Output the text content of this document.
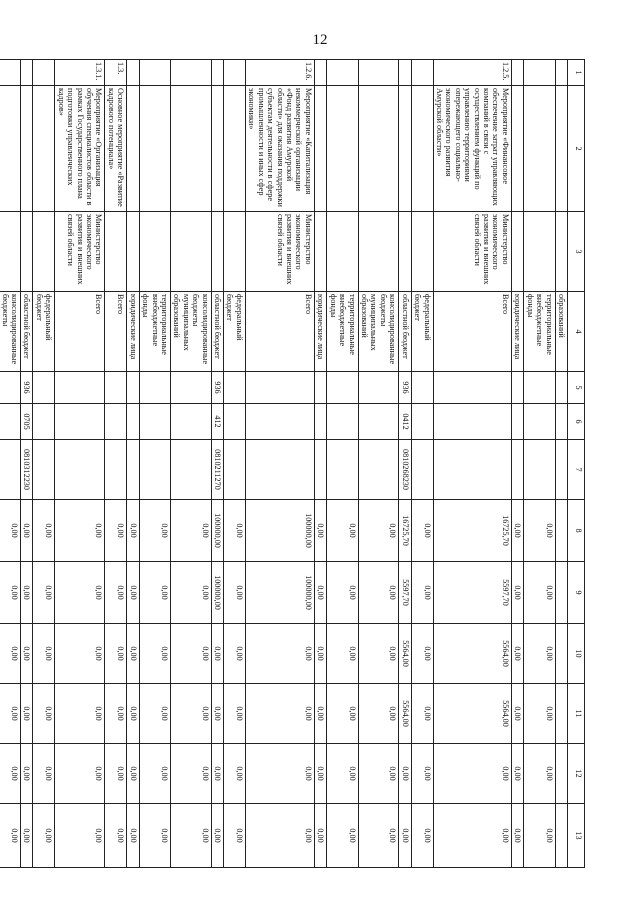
12
1	2	3	4	5	6	7	8	9	10	11	12	13
			образований									
			территориальные внебюджетные фонды				0,00	0,00	0,00	0,00	0,00	0,00
			юридические лица				0,00	0,00	0,00	0,00	0,00	0,00
1.2.5.	Мероприятие «Финансовое обеспечение затрат управляющих компаний в связи с осуществлением функций по управлению территориями опережающего социально-экономического развития Амурской области»	Министерство экономического развития и внешних связей области	Всего				16725,70	5597,70	5564,00	5564,00	0,00	0,00
			федеральный бюджет				0,00	0,00	0,00	0,00	0,00	0,00
			областной бюджет	936	0412	0810268230	16725,70	5597,70	5564,00	5564,00	0,00	0,00
			консолидированные бюджеты муниципальных образований				0,00	0,00	0,00	0,00	0,00	0,00
			территориальные внебюджетные фонды				0,00	0,00	0,00	0,00	0,00	0,00
			юридические лица				0,00	0,00	0,00	0,00	0,00	0,00
1.2.6.	Мероприятие «Капитализация некоммерческой организации «Фонд развития Амурской области» для оказания поддержки субъектам деятельности в сфере промышленности и иных сфер экономики»	Министерство экономического развития и внешних связей области	Всего				100000,00	100000,00	0,00	0,00	0,00	0,00
			федеральный бюджет				0,00	0,00	0,00	0,00	0,00	0,00
			областной бюджет	936	412	0810211270	100000,00	100000,00	0,00	0,00	0,00	0,00
			консолидированные бюджеты муниципальных образований				0,00	0,00	0,00	0,00	0,00	0,00
			территориальные внебюджетные фонды				0,00	0,00	0,00	0,00	0,00	0,00
			юридические лица				0,00	0,00	0,00	0,00	0,00	0,00
1.3.	Основное мероприятие «Развитие кадрового потенциала»		Всего				0,00	0,00	0,00	0,00	0,00	0,00
1.3.1.	Мероприятие «Организация обучения специалистов области в рамках Государственного плана подготовки управленческих кадров»	Министерство экономического развития и внешних связей области	Всего				0,00	0,00	0,00	0,00	0,00	0,00
			федеральный бюджет				0,00	0,00	0,00	0,00	0,00	0,00
			областной бюджет	936	0705	0810312230	0,00	0,00	0,00	0,00	0,00	0,00
			консолидированные бюджеты				0,00	0,00	0,00	0,00	0,00	0,00
